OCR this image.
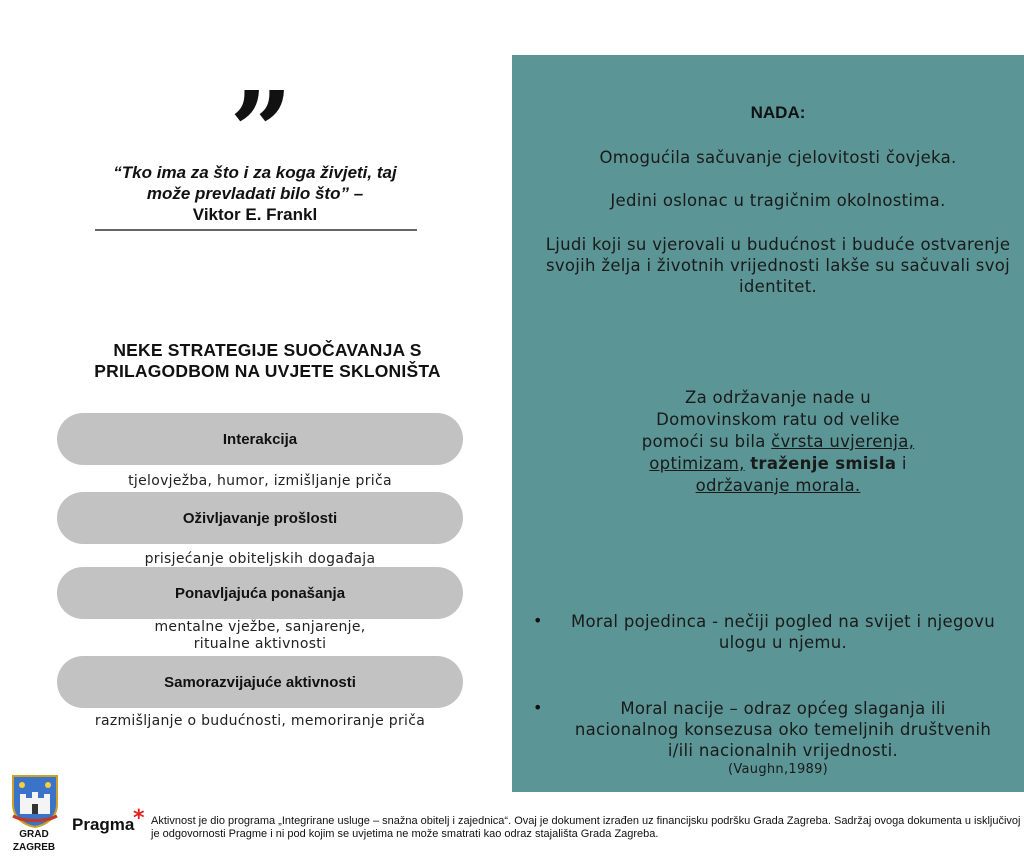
”
“Tko ima za što i za koga živjeti, taj može prevladati bilo što” –
Viktor E. Frankl
NEKE STRATEGIJE SUOČAVANJA S PRILAGODBOM NA UVJETE SKLONIŠTA
Interakcija
tjelovježba, humor, izmišljanje priča
Oživljavanje prošlosti
prisjećanje obiteljskih događaja
Ponavljajuća ponašanja
mentalne vježbe, sanjarenje,
ritualne aktivnosti
Samorazvijajuće aktivnosti
razmišljanje o budućnosti, memoriranje priča
NADA:
Omogućila sačuvanje cjelovitosti čovjeka.
Jedini oslonac u tragičnim okolnostima.
Ljudi koji su vjerovali u budućnost i buduće ostvarenje svojih želja i životnih vrijednosti lakše su sačuvali svoj identitet.
Za održavanje nade u Domovinskom ratu od velike pomoći su bila čvrsta uvjerenja, optimizam, traženje smisla i održavanje morala.
• Moral pojedinca - nečiji pogled na svijet i njegovu ulogu u njemu.
•	Moral nacije – odraz općeg slaganja ili nacionalnog konsezusa oko temeljnih društvenih i/ili nacionalnih vrijednosti.
(Vaughn,1989)
GRAD
ZAGREB
Pragma
* Aktivnost je dio programa „Integrirane usluge – snažna obitelj i zajednica“. Ovaj je dokument izrađen uz financijsku podršku Grada Zagreba. Sadržaj ovoga dokumenta u isključivoj je odgovornosti Pragme i ni pod kojim se uvjetima ne može smatrati kao odraz stajališta Grada Zagreba.
